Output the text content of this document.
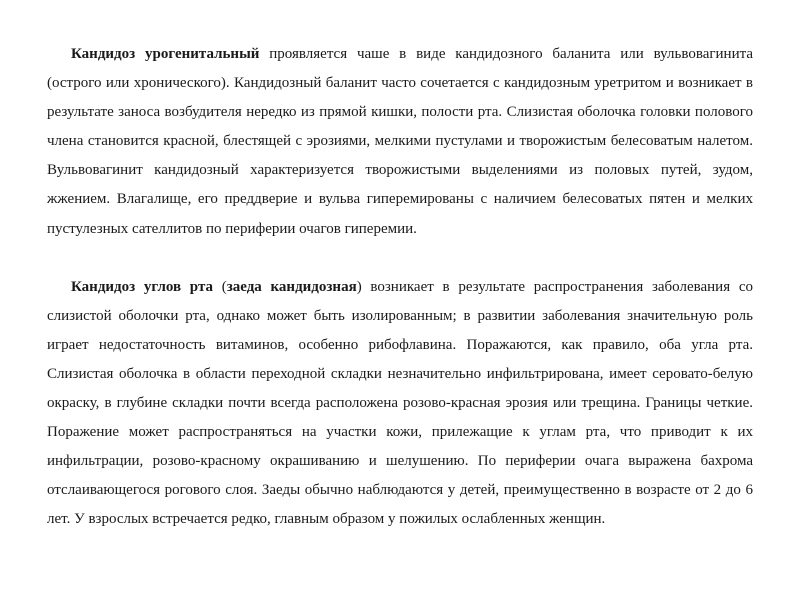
Кандидоз урогенитальный проявляется чаше в виде кандидозного баланита или вульвовагинита (острого или хронического). Кандидозный баланит часто сочетается с кандидозным уретритом и возникает в результате заноса возбудителя нередко из прямой кишки, полости рта. Слизистая оболочка головки полового члена становится красной, блестящей с эрозиями, мелкими пустулами и творожистым белесоватым налетом. Вульвовагинит кандидозный характеризуется творожистыми выделениями из половых путей, зудом, жжением. Влагалище, его преддверие и вульва гиперемированы с наличием белесоватых пятен и мелких пустулезных сателлитов по периферии очагов гиперемии.

Кандидоз углов рта (заеда кандидозная) возникает в результате распространения заболевания со слизистой оболочки рта, однако может быть изолированным; в развитии заболевания значительную роль играет недостаточность витаминов, особенно рибофлавина. Поражаются, как правило, оба угла рта. Слизистая оболочка в области переходной складки незначительно инфильтрирована, имеет серовато-белую окраску, в глубине складки почти всегда расположена розово-красная эрозия или трещина. Границы четкие. Поражение может распространяться на участки кожи, прилежащие к углам рта, что приводит к их инфильтрации, розово-красному окрашиванию и шелушению. По периферии очага выражена бахрома отслаивающегося рогового слоя. Заеды обычно наблюдаются у детей, преимущественно в возрасте от 2 до 6 лет. У взрослых встречается редко, главным образом у пожилых ослабленных женщин.
